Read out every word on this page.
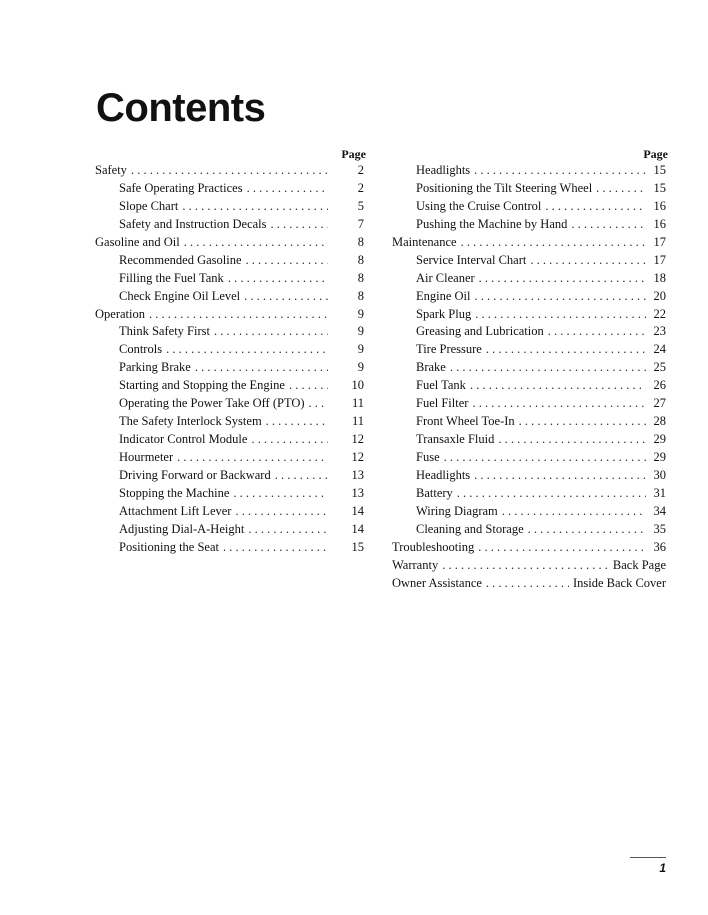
Contents
Page
Safety . . .	2
Safe Operating Practices . . .	2
Slope Chart . . .	5
Safety and Instruction Decals . . .	7
Gasoline and Oil . . .	8
Recommended Gasoline . . .	8
Filling the Fuel Tank . . .	8
Check Engine Oil Level . . .	8
Operation . . .	9
Think Safety First . . .	9
Controls . . .	9
Parking Brake . . .	9
Starting and Stopping the Engine . . .	10
Operating the Power Take Off (PTO) . . .	11
The Safety Interlock System . . .	11
Indicator Control Module . . .	12
Hourmeter . . .	12
Driving Forward or Backward . . .	13
Stopping the Machine . . .	13
Attachment Lift Lever . . .	14
Adjusting Dial-A-Height . . .	14
Positioning the Seat . . .	15
Page
Headlights . . .	15
Positioning the Tilt Steering Wheel . . .	15
Using the Cruise Control . . .	16
Pushing the Machine by Hand . . .	16
Maintenance . . .	17
Service Interval Chart . . .	17
Air Cleaner . . .	18
Engine Oil . . .	20
Spark Plug . . .	22
Greasing and Lubrication . . .	23
Tire Pressure . . .	24
Brake . . .	25
Fuel Tank . . .	26
Fuel Filter . . .	27
Front Wheel Toe-In . . .	28
Transaxle Fluid . . .	29
Fuse . . .	29
Headlights . . .	30
Battery . . .	31
Wiring Diagram . . .	34
Cleaning and Storage . . .	35
Troubleshooting . . .	36
Warranty . . .	Back Page
Owner Assistance . . .	Inside Back Cover
1
